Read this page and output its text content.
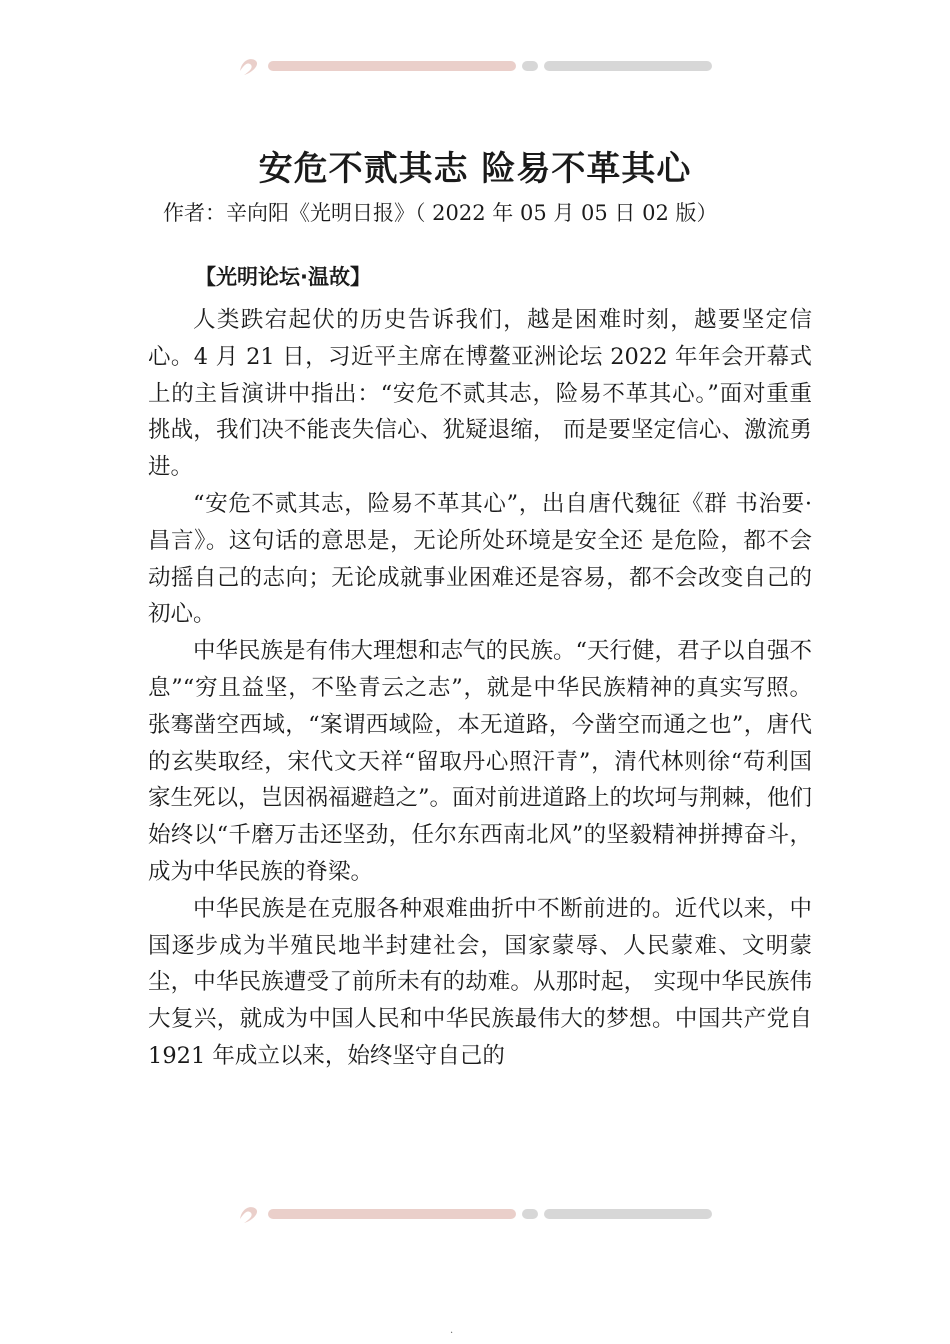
安危不贰其志 险易不革其心
作者：辛向阳《光明日报》（ 2022 年 05 月 05 日 02 版）
【光明论坛·温故】

人类跌宕起伏的历史告诉我们，越是困难时刻，越要坚定信心。4 月 21 日，习近平主席在博鳌亚洲论坛 2022 年年会开幕式上的主旨演讲中指出：“安危不贰其志，险易不革其心。”面对重重挑战，我们决不能丧失信心、犹疑退缩， 而是要坚定信心、激流勇进。

“安危不贰其志，险易不革其心”，出自唐代魏征《群 书治要·昌言》。这句话的意思是，无论所处环境是安全还 是危险，都不会动摇自己的志向；无论成就事业困难还是容易，都不会改变自己的初心。

中华民族是有伟大理想和志气的民族。“天行健，君子以自强不息”“穷且益坚，不坠青云之志”，就是中华民族精神的真实写照。张骞凿空西域，“案谓西域险，本无道路，今凿空而通之也”，唐代的玄奘取经，宋代文天祥“留取丹心照汗青”，清代林则徐“苟利国家生死以，岂因祸福避趋之”。面对前进道路上的坎坷与荆棘，他们始终以“千磨万击还坚劲，任尔东西南北风”的坚毅精神拼搏奋斗，成为中华民族的脊梁。

中华民族是在克服各种艰难曲折中不断前进的。近代以来，中国逐步成为半殖民地半封建社会，国家蒙辱、人民蒙难、文明蒙尘，中华民族遭受了前所未有的劫难。从那时起， 实现中华民族伟大复兴，就成为中国人民和中华民族最伟大的梦想。中国共产党自 1921 年成立以来，始终坚守自己的

.
